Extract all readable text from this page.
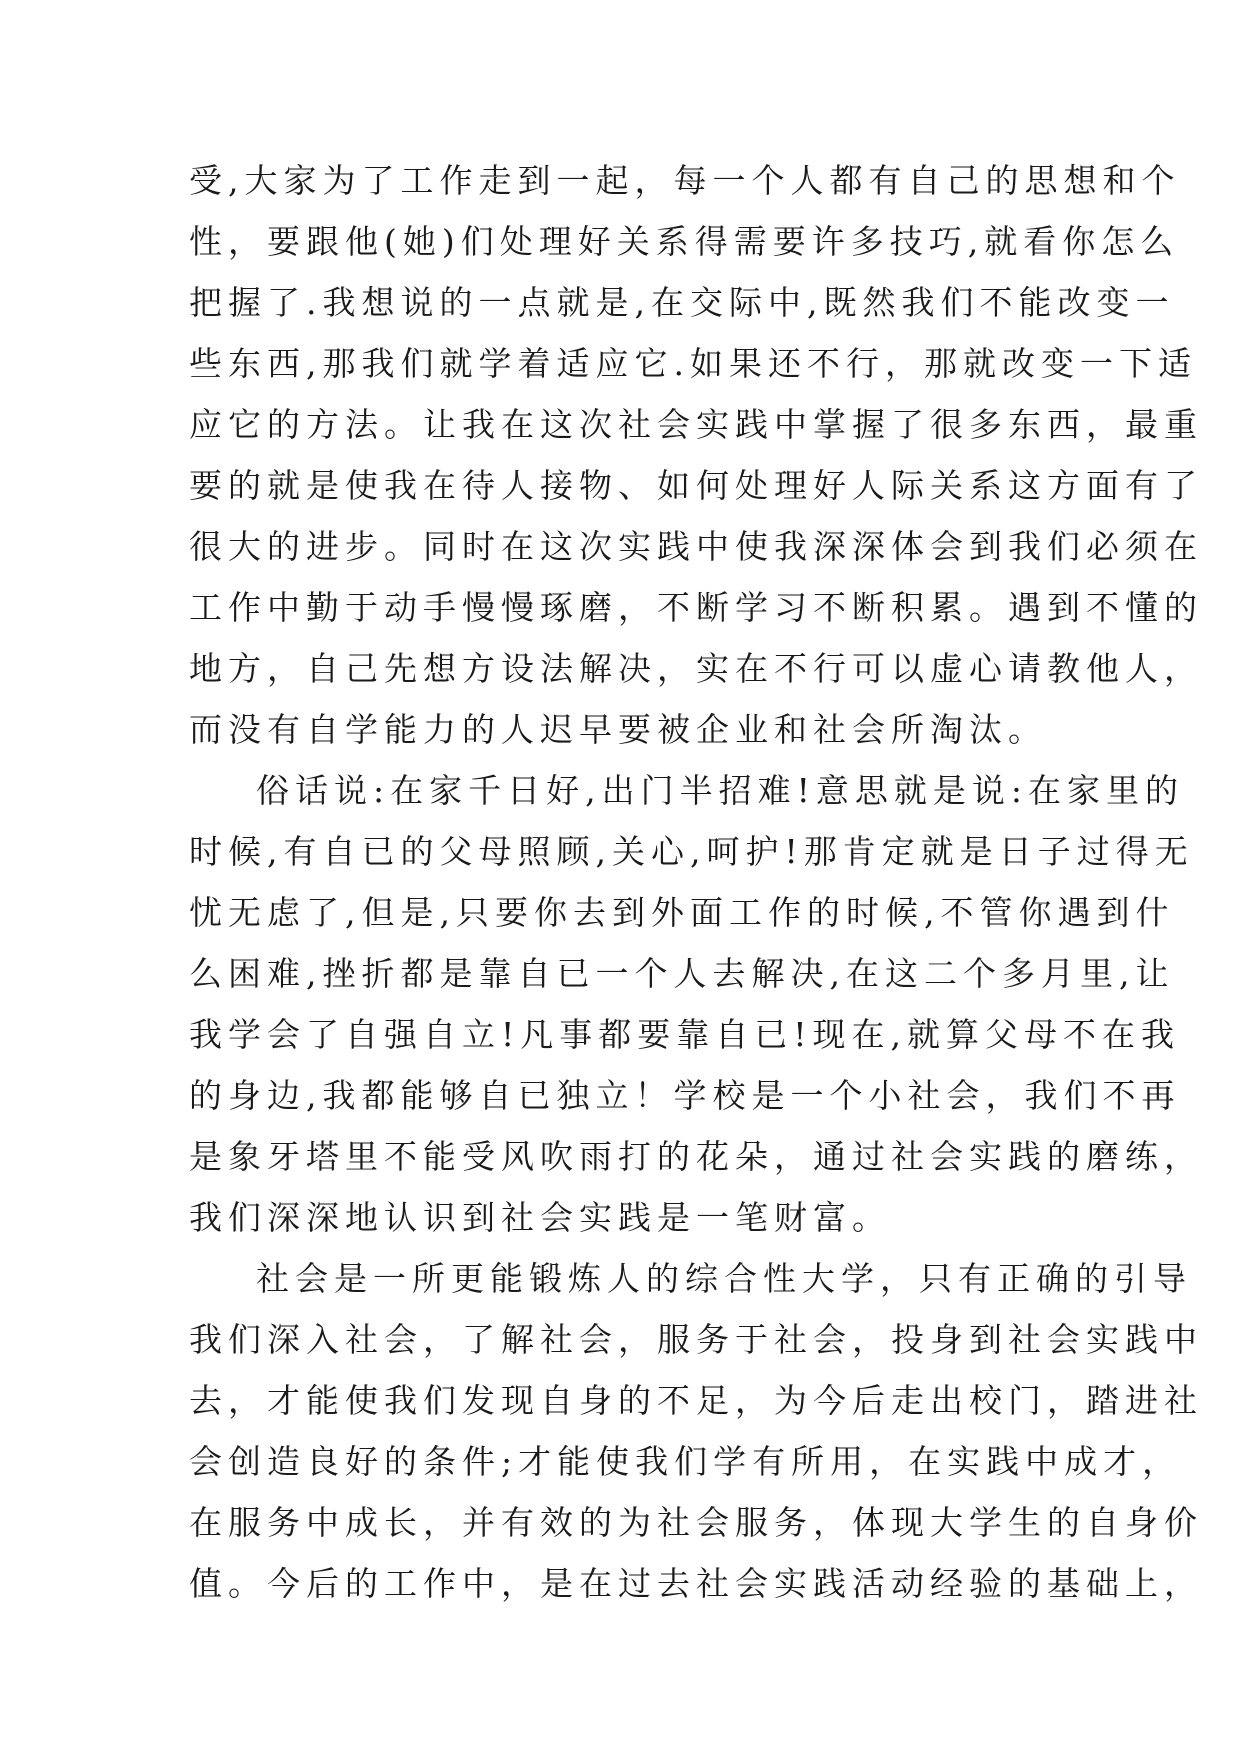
受,大家为了工作走到一起，每一个人都有自己的思想和个
性，要跟他(她)们处理好关系得需要许多技巧,就看你怎么
把握了.我想说的一点就是,在交际中,既然我们不能改变一
些东西,那我们就学着适应它.如果还不行，那就改变一下适
应它的方法。让我在这次社会实践中掌握了很多东西，最重
要的就是使我在待人接物、如何处理好人际关系这方面有了
很大的进步。同时在这次实践中使我深深体会到我们必须在
工作中勤于动手慢慢琢磨，不断学习不断积累。遇到不懂的
地方，自己先想方设法解决，实在不行可以虚心请教他人，
而没有自学能力的人迟早要被企业和社会所淘汰。
俗话说:在家千日好,出门半招难!意思就是说:在家里的
时候,有自已的父母照顾,关心,呵护!那肯定就是日子过得无
忧无虑了,但是,只要你去到外面工作的时候,不管你遇到什
么困难,挫折都是靠自已一个人去解决,在这二个多月里,让
我学会了自强自立!凡事都要靠自已!现在,就算父母不在我
的身边,我都能够自已独立！学校是一个小社会，我们不再
是象牙塔里不能受风吹雨打的花朵，通过社会实践的磨练，
我们深深地认识到社会实践是一笔财富。
社会是一所更能锻炼人的综合性大学，只有正确的引导
我们深入社会，了解社会，服务于社会，投身到社会实践中
去，才能使我们发现自身的不足，为今后走出校门，踏进社
会创造良好的条件;才能使我们学有所用，在实践中成才，
在服务中成长，并有效的为社会服务，体现大学生的自身价
值。今后的工作中，是在过去社会实践活动经验的基础上，
